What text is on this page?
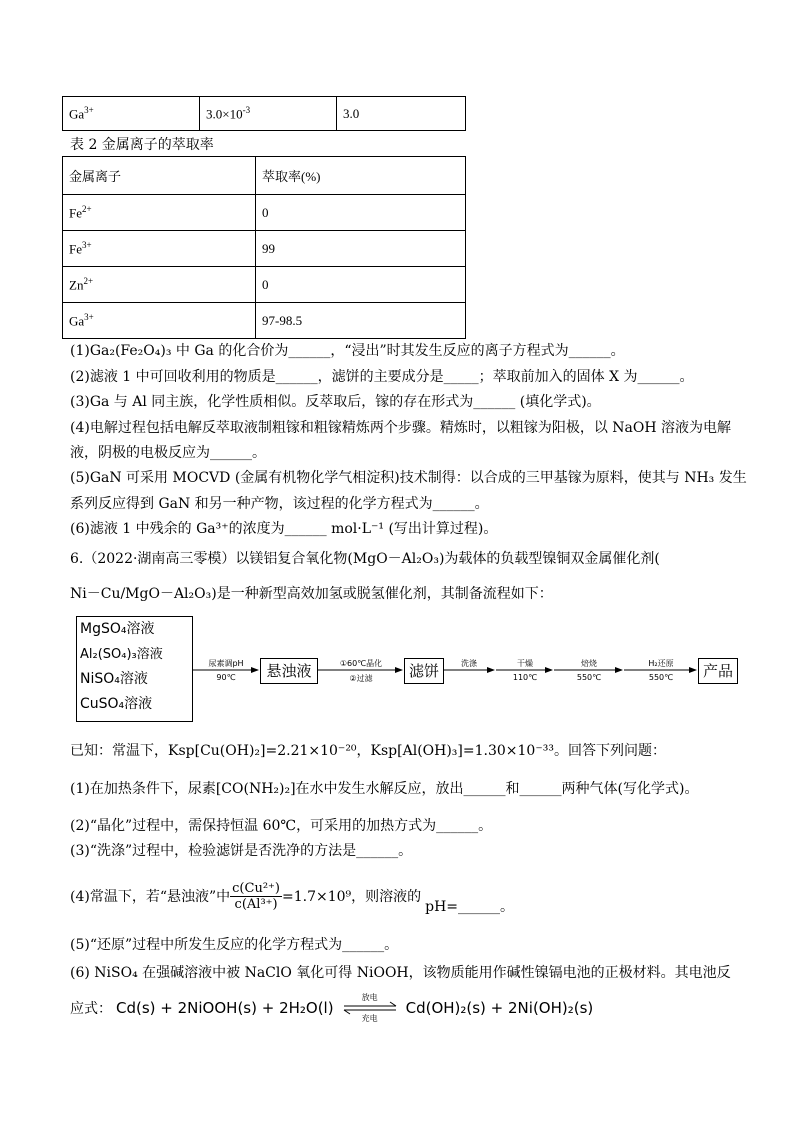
$Ga^{3+}$	$3.0\times 10^{-3}$	3.0
表 2 金属离子的萃取率
金属离子	萃取率(%)
$Fe^{2+}$	0
$Fe^{3+}$	99
$Zn^{2+}$	0
$Ga^{3+}$	97-98.5
(1)Ga₂(Fe₂O₄)₃ 中 Ga 的化合价为______，“浸出”时其发生反应的离子方程式为______。
(2)滤液 1 中可回收利用的物质是______，滤饼的主要成分是_____；萃取前加入的固体 X 为______。
(3)Ga 与 Al 同主族，化学性质相似。反萃取后，镓的存在形式为______ (填化学式)。
(4)电解过程包括电解反萃取液制粗镓和粗镓精炼两个步骤。精炼时，以粗镓为阳极，以 NaOH 溶液为电解
液，阴极的电极反应为______。
(5)GaN 可采用 MOCVD (金属有机物化学气相淀积)技术制得：以合成的三甲基镓为原料，使其与 NH₃ 发生
系列反应得到 GaN 和另一种产物，该过程的化学方程式为______。
(6)滤液 1 中残余的 Ga³⁺的浓度为______ mol·L⁻¹ (写出计算过程)。
6.（2022·湖南高三零模）以镁铝复合氧化物(MgO－Al₂O₃)为载体的负载型镍铜双金属催化剂(
Ni－Cu/MgO－Al₂O₃)是一种新型高效加氢或脱氢催化剂，其制备流程如下：
MgSO₄溶液
Al₂(SO₄)₃溶液
NiSO₄溶液
CuSO₄溶液
悬浊液	滤饼	产品
尿素调pH
90℃
①60℃晶化
②过滤
洗涤	干燥
110℃
焙烧
550℃
H₂还原
550℃
已知：常温下，Ksp[Cu(OH)₂]=2.21×10⁻²⁰，Ksp[Al(OH)₃]=1.30×10⁻³³。回答下列问题：
(1)在加热条件下，尿素[CO(NH₂)₂]在水中发生水解反应，放出______和______两种气体(写化学式)。
(2)“晶化”过程中，需保持恒温 60℃，可采用的加热方式为______。
(3)“洗涤”过程中，检验滤饼是否洗净的方法是______。
(4)常温下，若“悬浊液”中 $\frac{\text{c(Cu²⁺)}}{\text{c(Al³⁺)}} =1.7\times 10^9$，则溶液的
pH=______。
(5)“还原”过程中所发生反应的化学方程式为______。
(6) NiSO₄ 在强碱溶液中被 NaClO 氧化可得 NiOOH，该物质能用作碱性镍镉电池的正极材料。其电池反
应式： Cd(s) + 2NiOOH(s) + 2H₂O(l)
放电
充电
Cd(OH)₂(s) + 2Ni(OH)₂(s)
